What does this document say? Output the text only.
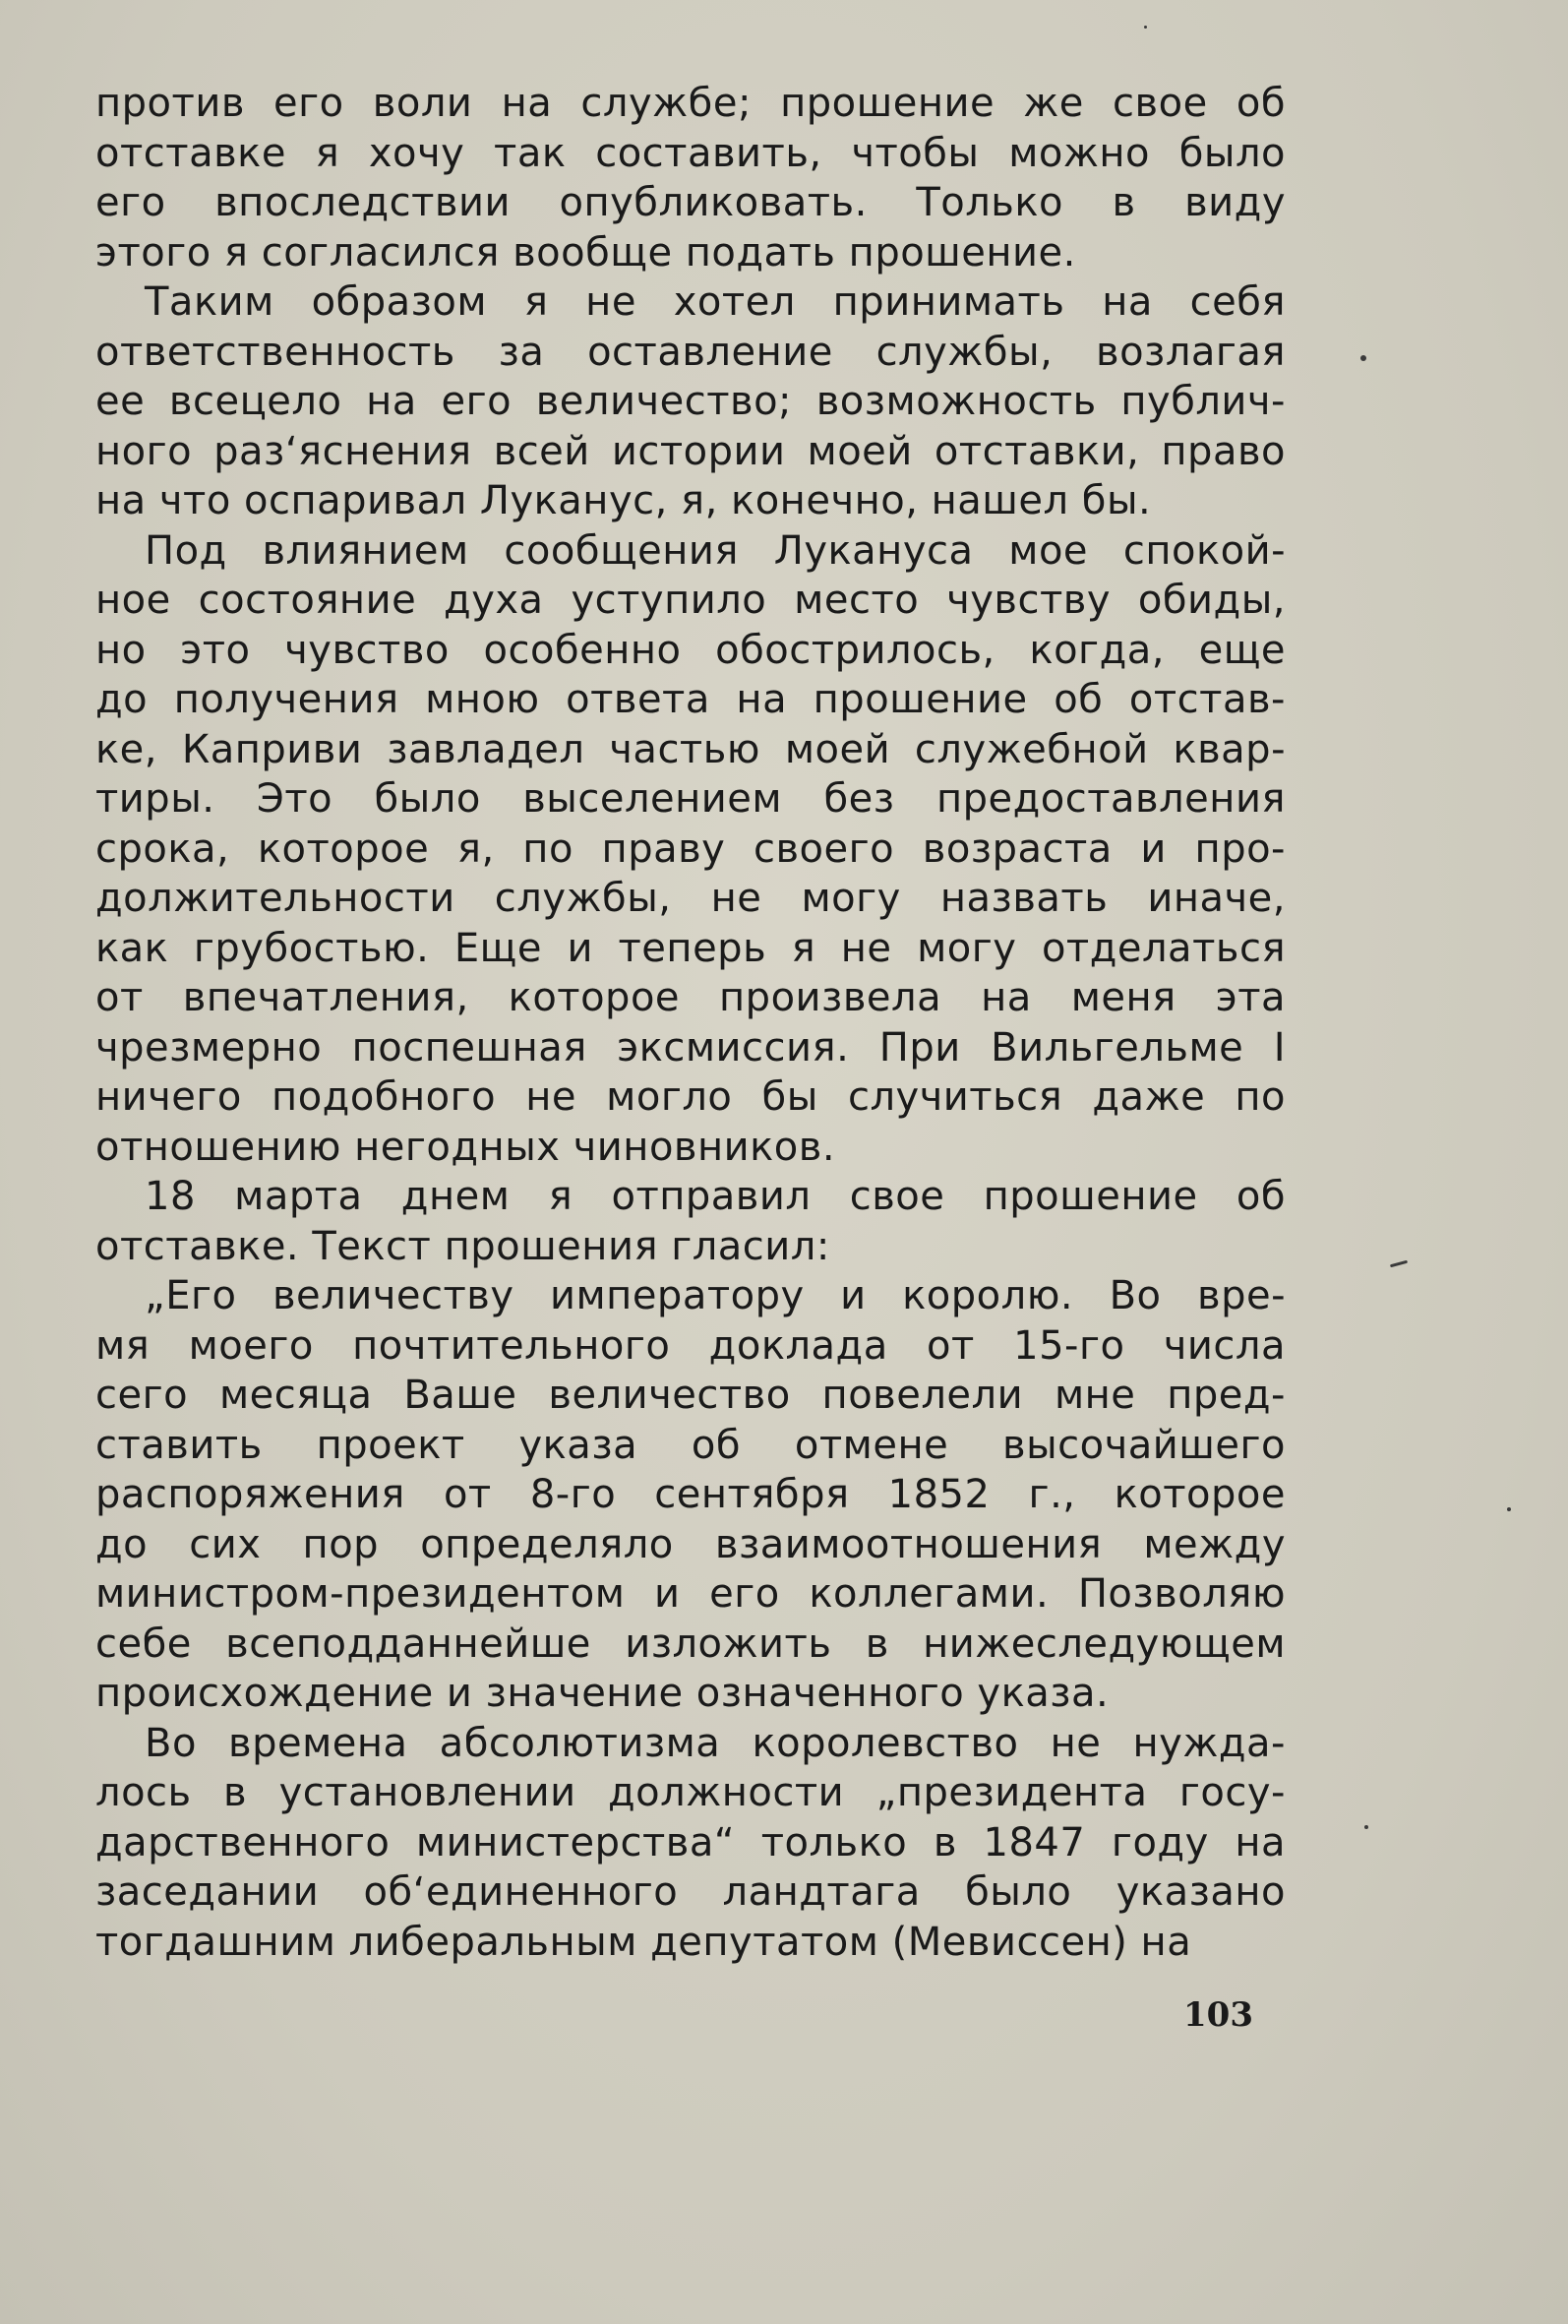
против его воли на службе; прошение же свое об
отставке я хочу так составить, чтобы можно было
его впоследствии опубликовать. Только в виду
этого я согласился вообще подать прошение.
Таким образом я не хотел принимать на себя
ответственность за оставление службы, возлагая
ее всецело на его величество; возможность публич-
ного раз‘яснения всей истории моей отставки, право
на что оспаривал Луканус, я, конечно, нашел бы.
Под влиянием сообщения Лукануса мое спокой-
ное состояние духа уступило место чувству обиды,
но это чувство особенно обострилось, когда, еще
до получения мною ответа на прошение об отстав-
ке, Каприви завладел частью моей служебной квар-
тиры. Это было выселением без предоставления
срока, которое я, по праву своего возраста и про-
должительности службы, не могу назвать иначе,
как грубостью. Еще и теперь я не могу отделаться
от впечатления, которое произвела на меня эта
чрезмерно поспешная эксмиссия. При Вильгельме I
ничего подобного не могло бы случиться даже по
отношению негодных чиновников.
18 марта днем я отправил свое прошение об
отставке. Текст прошения гласил:
„Его величеству императору и королю. Во вре-
мя моего почтительного доклада от 15-го числа
сего месяца Ваше величество повелели мне пред-
ставить проект указа об отмене высочайшего
распоряжения от 8-го сентября 1852 г., которое
до сих пор определяло взаимоотношения между
министром-президентом и его коллегами. Позволяю
себе всеподданнейше изложить в нижеследующем
происхождение и значение означенного указа.
Во времена абсолютизма королевство не нужда-
лось в установлении должности „президента госу-
дарственного министерства“ только в 1847 году на
заседании об‘единенного ландтага было указано
тогдашним либеральным депутатом (Мевиссен) на
103
